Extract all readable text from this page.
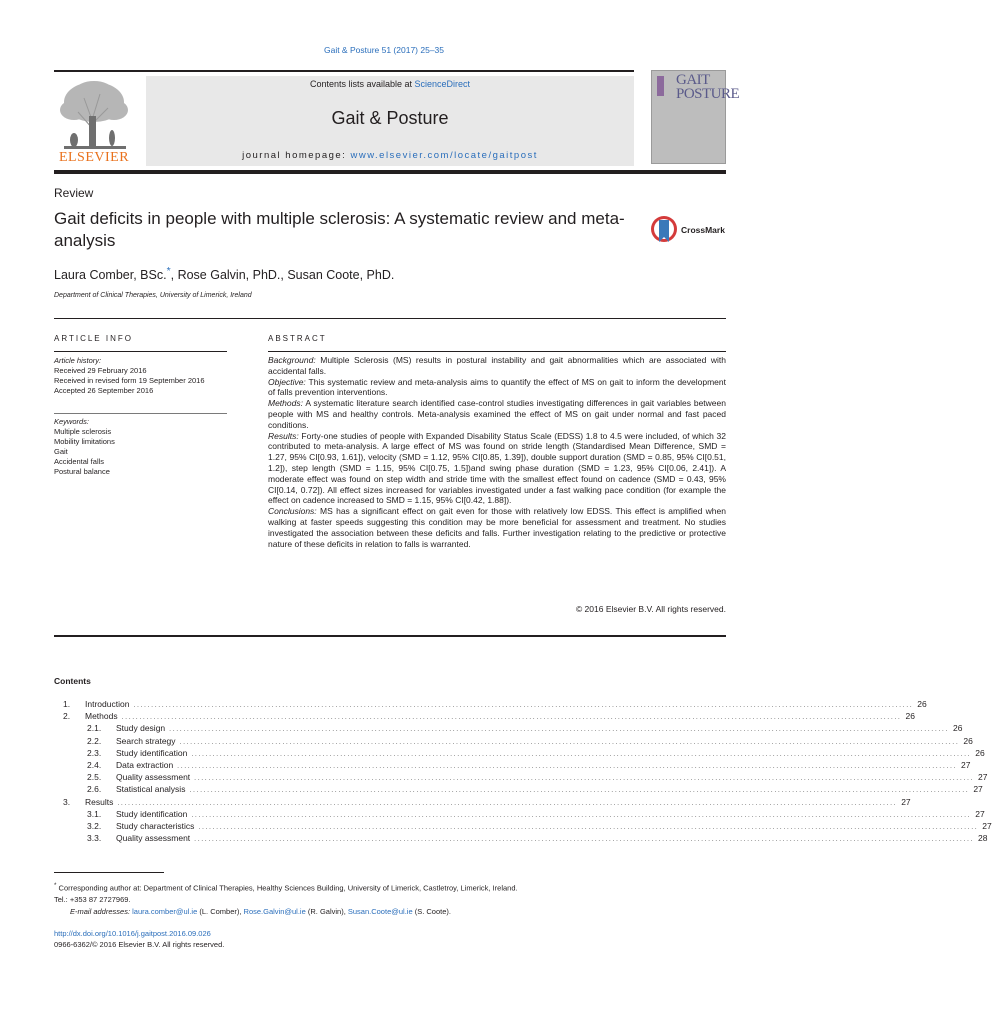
Gait & Posture 51 (2017) 25–35
Contents lists available at ScienceDirect
Gait & Posture
journal homepage: www.elsevier.com/locate/gaitpost
ELSEVIER
GAIT POSTURE
Review
Gait deficits in people with multiple sclerosis: A systematic review and meta-analysis
CrossMark
Laura Comber, BSc.*, Rose Galvin, PhD., Susan Coote, PhD.
Department of Clinical Therapies, University of Limerick, Ireland
ARTICLE INFO
Article history:
Received 29 February 2016
Received in revised form 19 September 2016
Accepted 26 September 2016
Keywords:
Multiple sclerosis
Mobility limitations
Gait
Accidental falls
Postural balance
ABSTRACT

Background: Multiple Sclerosis (MS) results in postural instability and gait abnormalities which are associated with accidental falls.

Objective: This systematic review and meta-analysis aims to quantify the effect of MS on gait to inform the development of falls prevention interventions.

Methods: A systematic literature search identified case-control studies investigating differences in gait variables between people with MS and healthy controls. Meta-analysis examined the effect of MS on gait under normal and fast paced conditions.

Results: Forty-one studies of people with Expanded Disability Status Scale (EDSS) 1.8 to 4.5 were included, of which 32 contributed to meta-analysis. A large effect of MS was found on stride length (Standardised Mean Difference, SMD = 1.27, 95% CI[0.93, 1.61]), velocity (SMD = 1.12, 95% CI[0.85, 1.39]), double support duration (SMD = 0.85, 95% CI[0.51, 1.2]), step length (SMD = 1.15, 95% CI[0.75, 1.5])and swing phase duration (SMD = 1.23, 95% CI[0.06, 2.41]). A moderate effect was found on step width and stride time with the smallest effect found on cadence (SMD = 0.43, 95% CI[0.14, 0.72]). All effect sizes increased for variables investigated under a fast walking pace condition (for example the effect on cadence increased to SMD = 1.15, 95% CI[0.42, 1.88]).

Conclusions: MS has a significant effect on gait even for those with relatively low EDSS. This effect is amplified when walking at faster speeds suggesting this condition may be more beneficial for assessment and treatment. No studies investigated the association between these deficits and falls. Further investigation relating to the predictive or protective nature of these deficits in relation to falls is warranted.

© 2016 Elsevier B.V. All rights reserved.
Contents
1.	Introduction ............................................................................................................................................................................................................................ 26
2.	Methods ............................................................................................................................................................................................................................ 26
2.1.	Study design ............................................................................................................................................................................................................................ 26
2.2.	Search strategy ............................................................................................................................................................................................................................ 26
2.3.	Study identification ............................................................................................................................................................................................................................ 26
2.4.	Data extraction ............................................................................................................................................................................................................................ 27
2.5.	Quality assessment ............................................................................................................................................................................................................................ 27
2.6.	Statistical analysis ............................................................................................................................................................................................................................ 27
3.	Results ............................................................................................................................................................................................................................ 27
3.1.	Study identification ............................................................................................................................................................................................................................ 27
3.2.	Study characteristics ............................................................................................................................................................................................................................ 27
3.3.	Quality assessment ............................................................................................................................................................................................................................ 28
* Corresponding author at: Department of Clinical Therapies, Healthy Sciences Building, University of Limerick, Castletroy, Limerick, Ireland.
Tel.: +353 87 2727969.
E-mail addresses: laura.comber@ul.ie (L. Comber), Rose.Galvin@ul.ie (R. Galvin), Susan.Coote@ul.ie (S. Coote).
http://dx.doi.org/10.1016/j.gaitpost.2016.09.026
0966-6362/© 2016 Elsevier B.V. All rights reserved.
